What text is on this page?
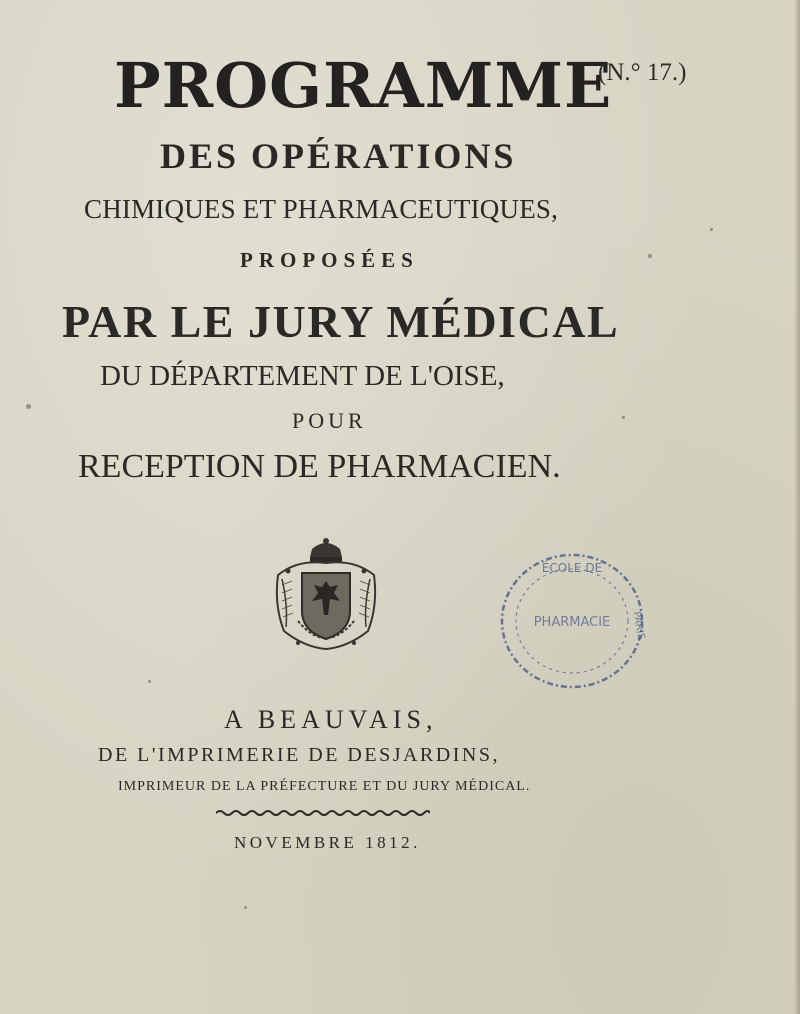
PROGRAMME
(N.° 17.)
DES OPÉRATIONS
CHIMIQUES ET PHARMACEUTIQUES,
PROPOSÉES
PAR LE JURY MÉDICAL
DU DÉPARTEMENT DE L'OISE,
POUR
RECEPTION DE PHARMACIEN.
ÉCOLE DE
PHARMACIE PARIS
A BEAUVAIS,
DE L'IMPRIMERIE DE DESJARDINS,
IMPRIMEUR DE LA PRÉFECTURE ET DU JURY MÉDICAL.
NOVEMBRE 1812.
